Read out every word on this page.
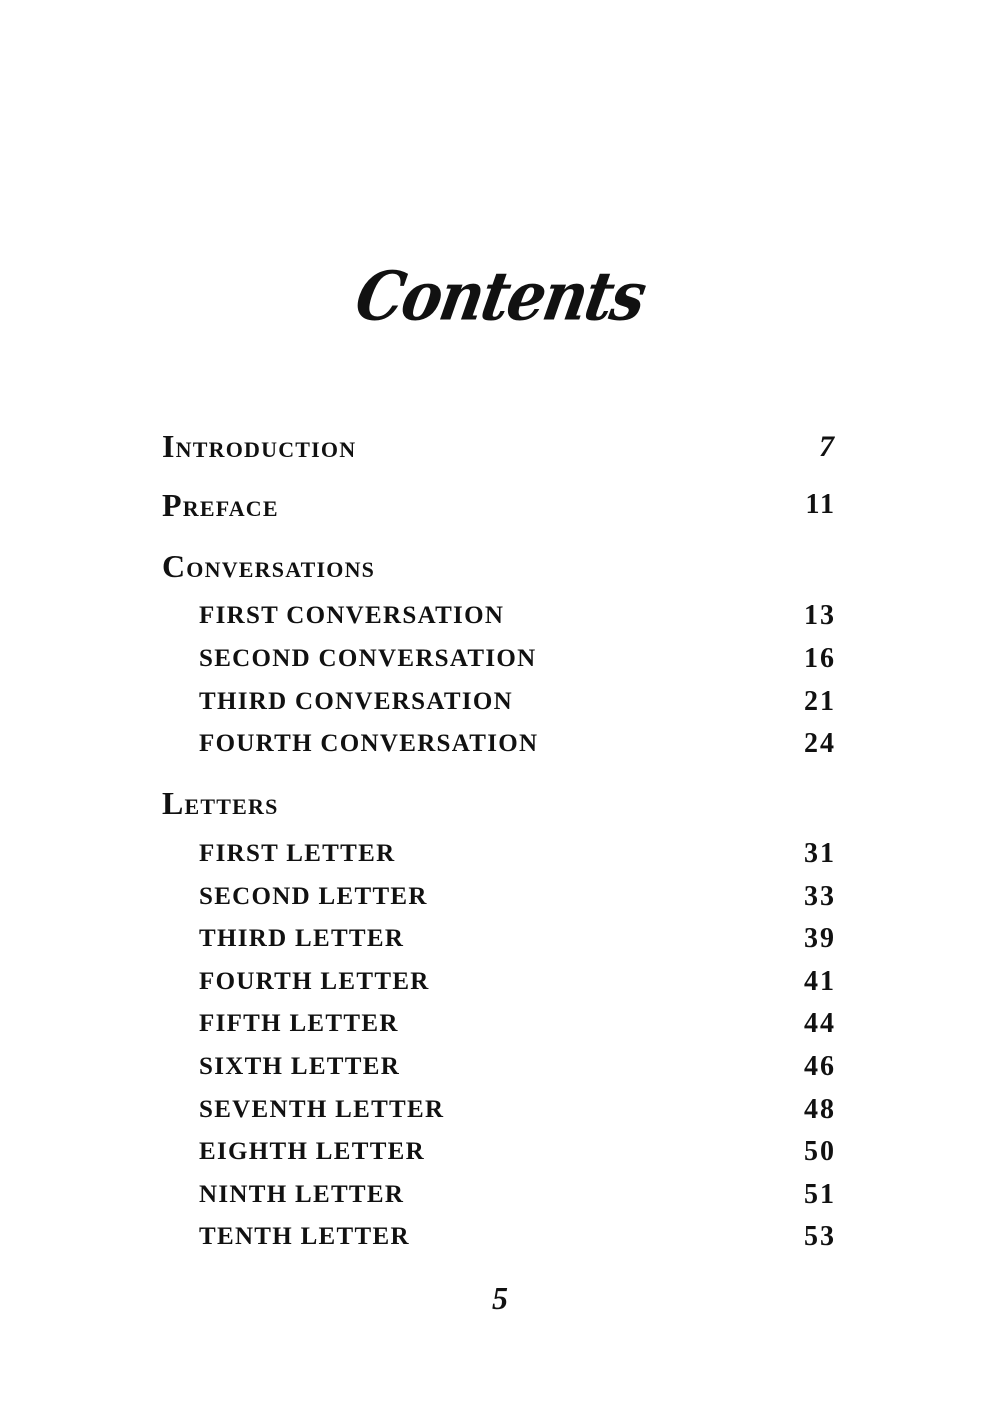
Contents
Introduction	7
Preface	11
Conversations
FIRST CONVERSATION	13
SECOND CONVERSATION	16
THIRD CONVERSATION	21
FOURTH CONVERSATION	24
Letters
FIRST LETTER	31
SECOND LETTER	33
THIRD LETTER	39
FOURTH LETTER	41
FIFTH LETTER	44
SIXTH LETTER	46
SEVENTH LETTER	48
EIGHTH LETTER	50
NINTH LETTER	51
TENTH LETTER	53
5
